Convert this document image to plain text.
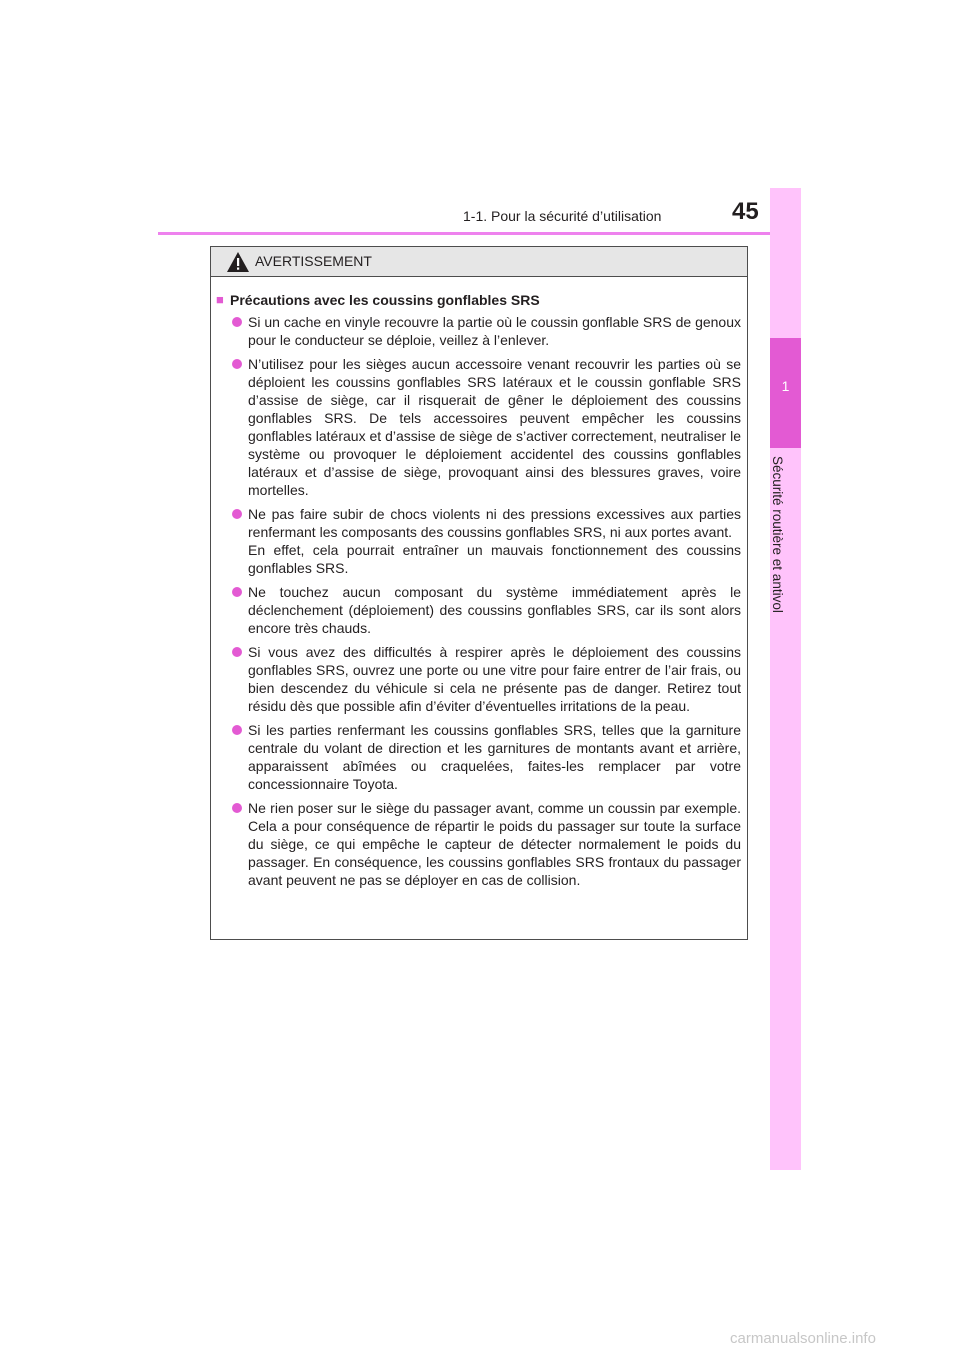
1-1. Pour la sécurité d’utilisation	45
1
Sécurité routière et antivol
AVERTISSEMENT
■ Précautions avec les coussins gonflables SRS
Si un cache en vinyle recouvre la partie où le coussin gonflable SRS de genoux pour le conducteur se déploie, veillez à l’enlever.
N’utilisez pour les sièges aucun accessoire venant recouvrir les parties où se déploient les coussins gonflables SRS latéraux et le coussin gonflable SRS d’assise de siège, car il risquerait de gêner le déploiement des coussins gonflables SRS. De tels accessoires peuvent empêcher les coussins gonflables latéraux et d’assise de siège de s’activer correctement, neutraliser le système ou provoquer le déploiement accidentel des coussins gonflables latéraux et d’assise de siège, provoquant ainsi des blessures graves, voire mortelles.
Ne pas faire subir de chocs violents ni des pressions excessives aux parties renfermant les composants des coussins gonflables SRS, ni aux portes avant.
En effet, cela pourrait entraîner un mauvais fonctionnement des coussins gonflables SRS.
Ne touchez aucun composant du système immédiatement après le déclenchement (déploiement) des coussins gonflables SRS, car ils sont alors encore très chauds.
Si vous avez des difficultés à respirer après le déploiement des coussins gonflables SRS, ouvrez une porte ou une vitre pour faire entrer de l’air frais, ou bien descendez du véhicule si cela ne présente pas de danger. Retirez tout résidu dès que possible afin d’éviter d’éventuelles irritations de la peau.
Si les parties renfermant les coussins gonflables SRS, telles que la garniture centrale du volant de direction et les garnitures de montants avant et arrière, apparaissent abîmées ou craquelées, faites-les remplacer par votre concessionnaire Toyota.
Ne rien poser sur le siège du passager avant, comme un coussin par exemple. Cela a pour conséquence de répartir le poids du passager sur toute la surface du siège, ce qui empêche le capteur de détecter normalement le poids du passager. En conséquence, les coussins gonflables SRS frontaux du passager avant peuvent ne pas se déployer en cas de collision.
carmanualsonline.info
